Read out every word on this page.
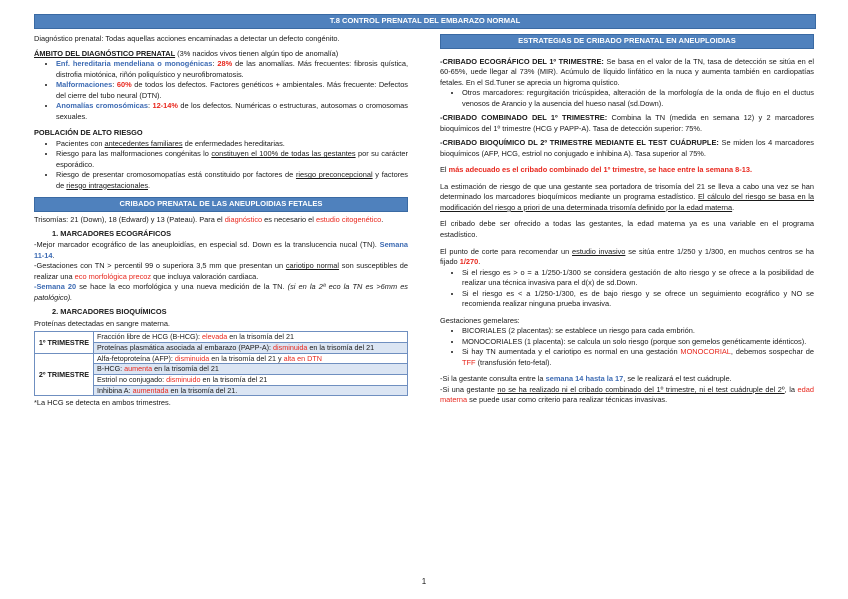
T.8 CONTROL PRENATAL DEL EMBARAZO NORMAL

Diagnóstico prenatal: Todas aquellas acciones encaminadas a detectar un defecto congénito.

ÁMBITO DEL DIAGNÓSTICO PRENATAL (3% nacidos vivos tienen algún tipo de anomalía)

• Enf. hereditaria mendeliana o monogénicas: 28% de las anomalías. Más frecuentes: fibrosis quística, distrofia miotónica, riñón poliquístico y neurofibromatosis.
• Malformaciones: 60% de todos los defectos. Factores genéticos + ambientales. Más frecuente: Defectos del cierre del tubo neural (DTN).
• Anomalías cromosómicas: 12-14% de los defectos. Numéricas o estructuras, autosomas o cromosomas sexuales.

POBLACIÓN DE ALTO RIESGO

• Pacientes con antecedentes familiares de enfermedades hereditarias.
• Riesgo para las malformaciones congénitas lo constituyen el 100% de todas las gestantes por su carácter esporádico.
• Riesgo de presentar cromosomopatías está constituido por factores de riesgo preconcepcional y factores de riesgo intragestacionales.
CRIBADO PRENATAL DE LAS ANEUPLOIDIAS FETALES

Trisomías: 21 (Down), 18 (Edward) y 13 (Pateau). Para el diagnóstico es necesario el estudio citogenético.

1. MARCADORES ECOGRÁFICOS

-Mejor marcador ecográfico de las aneuploidías, en especial sd. Down es la translucencia nucal (TN). Semana 11-14.

-Gestaciones con TN > percentil 99 o superiora 3,5 mm que presentan un cariotipo normal son susceptibles de realizar una eco morfológica precoz que incluya valoración cardiaca.

-Semana 20 se hace la eco morfológica y una nueva medición de la TN. (si en la 2ª eco la TN es >6mm es patológico).

2. MARCADORES BIOQUÍMICOS

Proteínas detectadas en sangre materna.

1º TRIMESTRE	Fracción libre de HCG (B-HCG): elevada en la trisomía del 21
	Proteínas plasmática asociada al embarazo (PAPP-A): disminuida en la trisomía del 21
2º TRIMESTRE	Alfa-fetoproteína (AFP): disminuida en la trisomía del 21 y alta en DTN
	B-HCG: aumenta en la trisomía del 21
	Estriol no conjugado: disminuido en la trisomía del 21
	Inhibina A: aumentada en la trisomía del 21.

*La HCG se detecta en ambos trimestres.

ESTRATEGIAS DE CRIBADO PRENATAL EN ANEUPLOIDIAS

-CRIBADO ECOGRÁFICO DEL 1º TRIMESTRE: Se basa en el valor de la TN, tasa de detección se sitúa en el 60-65%, uede llegar al 73% (MIR). Acúmulo de líquido linfático en la nuca y aumenta también en cardiopatías fetales. En el Sd.Tuner se aprecia un higroma quístico.

• Otros marcadores: regurgitación tricúspidea, alteración de la morfología de la onda de flujo en el ductus venosos de Arancio y la ausencia del hueso nasal (sd.Down).

-CRIBADO COMBINADO DEL 1º TRIMESTRE: Combina la TN (medida en semana 12) y 2 marcadores bioquímicos del 1º trimestre (HCG y PAPP-A). Tasa de detección superior: 75%.

-CRIBADO BIOQUÍMICO DL 2º TRIMESTRE MEDIANTE EL TEST CUÁDRUPLE: Se miden los 4 marcadores bioquímicos (AFP, HCG, estriol no conjugado e inhibina A). Tasa superior al 75%.

El más adecuado es el cribado combinado del 1º trimestre, se hace entre la semana 8-13.

La estimación de riesgo de que una gestante sea portadora de trisomía del 21 se lleva a cabo una vez se han determinado los marcadores bioquímicos mediante un programa estadístico. El cálculo del riesgo se basa en la modificación del riesgo a priori de una determinada trisomía definido por la edad materna.

El cribado debe ser ofrecido a todas las gestantes, la edad materna ya es una variable en el programa estadístico.

El punto de corte para recomendar un estudio invasivo se sitúa entre 1/250 y 1/300, en muchos centros se ha fijado 1/270.

• Si el riesgo es > o = a 1/250-1/300 se considera gestación de alto riesgo y se ofrece a la posibilidad de realizar una técnica invasiva para el d(x) de sd.Down.
• Si el riesgo es < a 1/250-1/300, es de bajo riesgo y se ofrece un seguimiento ecográfico y NO se recomienda realizar ninguna prueba invasiva.

Gestaciones gemelares:

• BICORIALES (2 placentas): se establece un riesgo para cada embrión.
• MONOCORIALES (1 placenta): se calcula un solo riesgo (porque son gemelos genéticamente idénticos).
• Si hay TN aumentada y el cariotipo es normal en una gestación MONOCORIAL, debemos sospechar de TFF (transfusión feto-fetal).

-Si la gestante consulta entre la semana 14 hasta la 17, se le realizará el test cuádruple.

-Si una gestante no se ha realizado ni el cribado combinado del 1º trimestre, ni el test cuádruple del 2º, la edad materna se puede usar como criterio para realizar técnicas invasivas.

1
